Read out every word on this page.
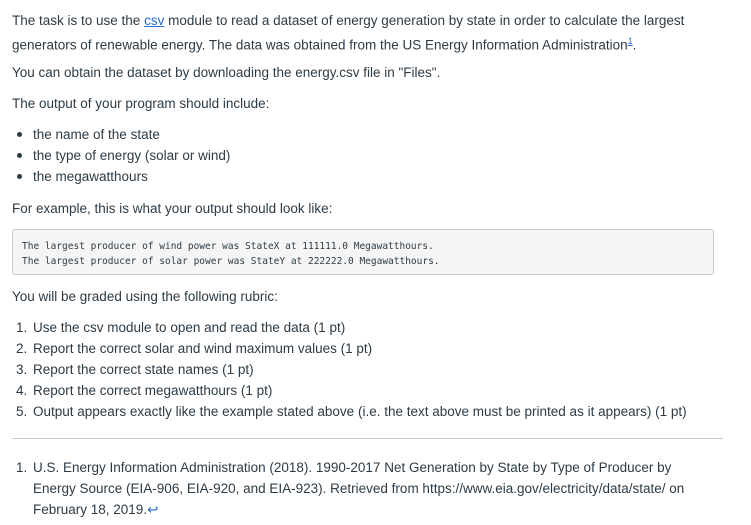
The task is to use the csv module to read a dataset of energy generation by state in order to calculate the largest
generators of renewable energy. The data was obtained from the US Energy Information Administration$^1$.

You can obtain the dataset by downloading the energy.csv file in "Files".

The output of your program should include:

the name of the state
the type of energy (solar or wind)
the megawatthours

For example, this is what your output should look like:

The largest producer of wind power was StateX at 111111.0 Megawatthours.
The largest producer of solar power was StateY at 222222.0 Megawatthours.

You will be graded using the following rubric:

1. Use the csv module to open and read the data (1 pt)
2. Report the correct solar and wind maximum values (1 pt)
3. Report the correct state names (1 pt)
4. Report the correct megawatthours (1 pt)
5. Output appears exactly like the example stated above (i.e. the text above must be printed as it appears) (1 pt)
1. U.S. Energy Information Administration (2018). 1990-2017 Net Generation by State by Type of Producer by
Energy Source (EIA-906, EIA-920, and EIA-923). Retrieved from https://www.eia.gov/electricity/data/state/ on
February 18, 2019.↩
